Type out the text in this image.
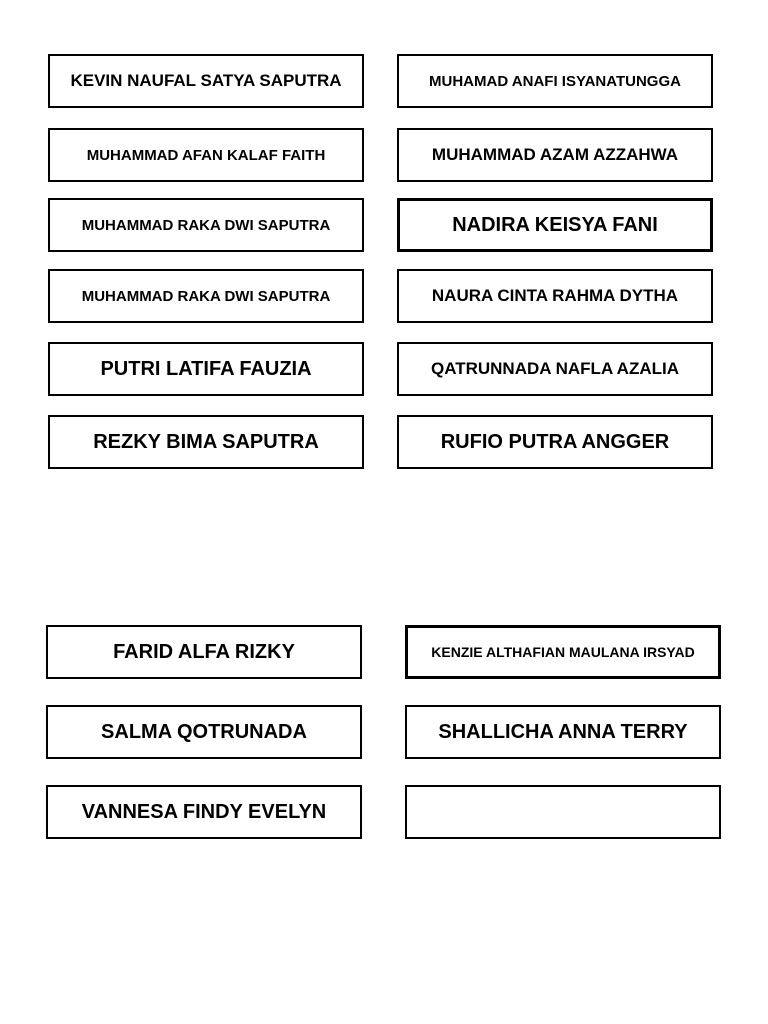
KEVIN NAUFAL SATYA SAPUTRA	MUHAMAD ANAFI ISYANATUNGGA
MUHAMMAD AFAN KALAF FAITH	MUHAMMAD AZAM AZZAHWA
MUHAMMAD RAKA DWI SAPUTRA	NADIRA KEISYA FANI
MUHAMMAD RAKA DWI SAPUTRA	NAURA CINTA RAHMA DYTHA
PUTRI LATIFA FAUZIA	QATRUNNADA NAFLA AZALIA
REZKY BIMA SAPUTRA	RUFIO PUTRA ANGGER
FARID ALFA RIZKY	KENZIE ALTHAFIAN MAULANA IRSYAD
SALMA QOTRUNADA	SHALLICHA ANNA TERRY
VANNESA FINDY EVELYN
